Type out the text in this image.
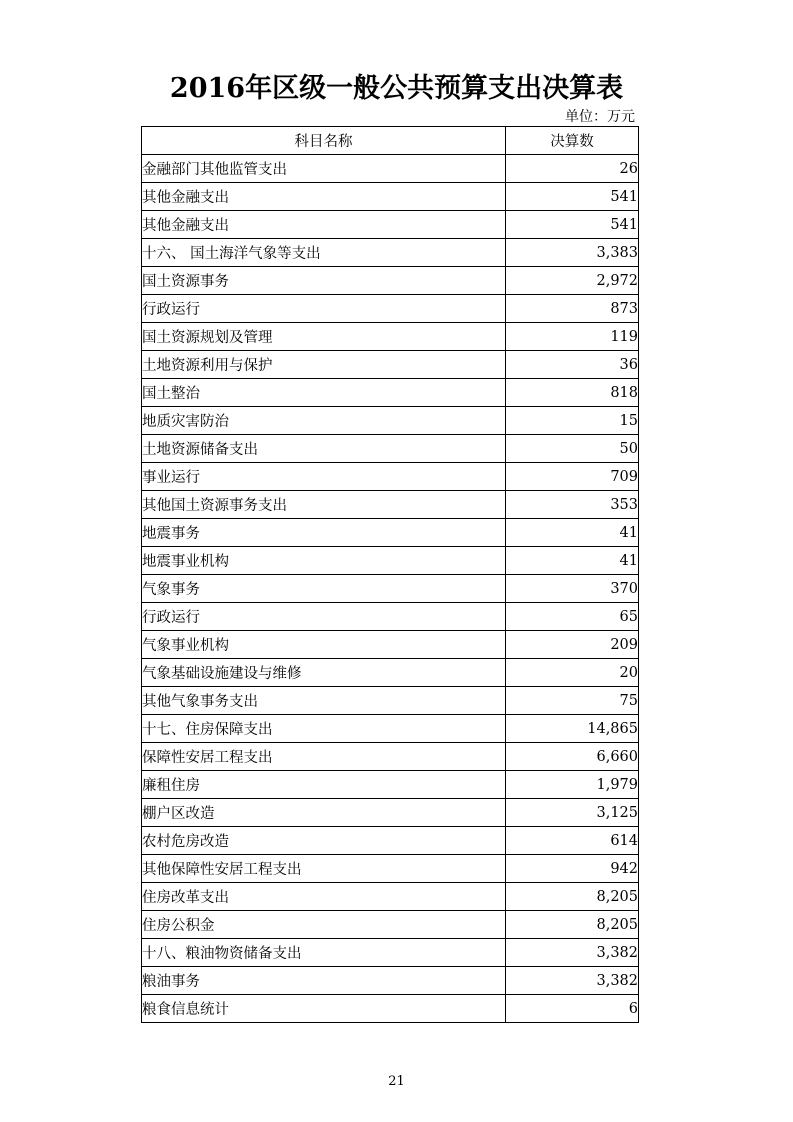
2016年区级一般公共预算支出决算表
单位：万元
科目名称	决算数
金融部门其他监管支出	26
其他金融支出	541
其他金融支出	541
十六、 国土海洋气象等支出	3,383
国土资源事务	2,972
行政运行	873
国土资源规划及管理	119
土地资源利用与保护	36
国土整治	818
地质灾害防治	15
土地资源储备支出	50
事业运行	709
其他国土资源事务支出	353
地震事务	41
地震事业机构	41
气象事务	370
行政运行	65
气象事业机构	209
气象基础设施建设与维修	20
其他气象事务支出	75
十七、住房保障支出	14,865
保障性安居工程支出	6,660
廉租住房	1,979
棚户区改造	3,125
农村危房改造	614
其他保障性安居工程支出	942
住房改革支出	8,205
住房公积金	8,205
十八、粮油物资储备支出	3,382
粮油事务	3,382
粮食信息统计	6
21
